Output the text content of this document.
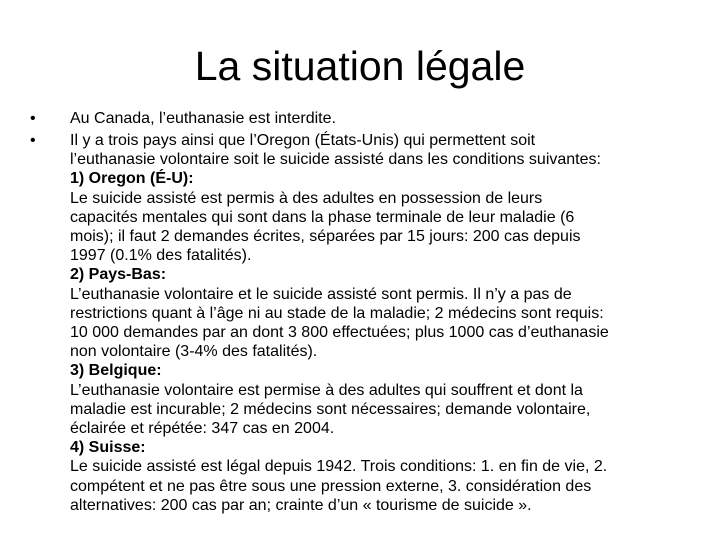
La situation légale
•	Au Canada, l’euthanasie est interdite.
•	Il y a trois pays ainsi que l’Oregon (États-Unis) qui permettent soit
l’euthanasie volontaire soit le suicide assisté dans les conditions suivantes:
1) Oregon (É-U):
Le suicide assisté est permis à des adultes en possession de leurs
capacités mentales qui sont dans la phase terminale de leur maladie (6
mois); il faut 2 demandes écrites, séparées par 15 jours: 200 cas depuis
1997 (0.1% des fatalités).
2) Pays-Bas:
L’euthanasie volontaire et le suicide assisté sont permis. Il n’y a pas de
restrictions quant à l’âge ni au stade de la maladie; 2 médecins sont requis:
10 000 demandes par an dont 3 800 effectuées; plus 1000 cas d’euthanasie
non volontaire (3-4% des fatalités).
3) Belgique:
L’euthanasie volontaire est permise à des adultes qui souffrent et dont la
maladie est incurable; 2 médecins sont nécessaires; demande volontaire,
éclairée et répétée: 347 cas en 2004.
4) Suisse:
Le suicide assisté est légal depuis 1942. Trois conditions: 1. en fin de vie, 2.
compétent et ne pas être sous une pression externe, 3. considération des
alternatives: 200 cas par an; crainte d’un « tourisme de suicide ».
